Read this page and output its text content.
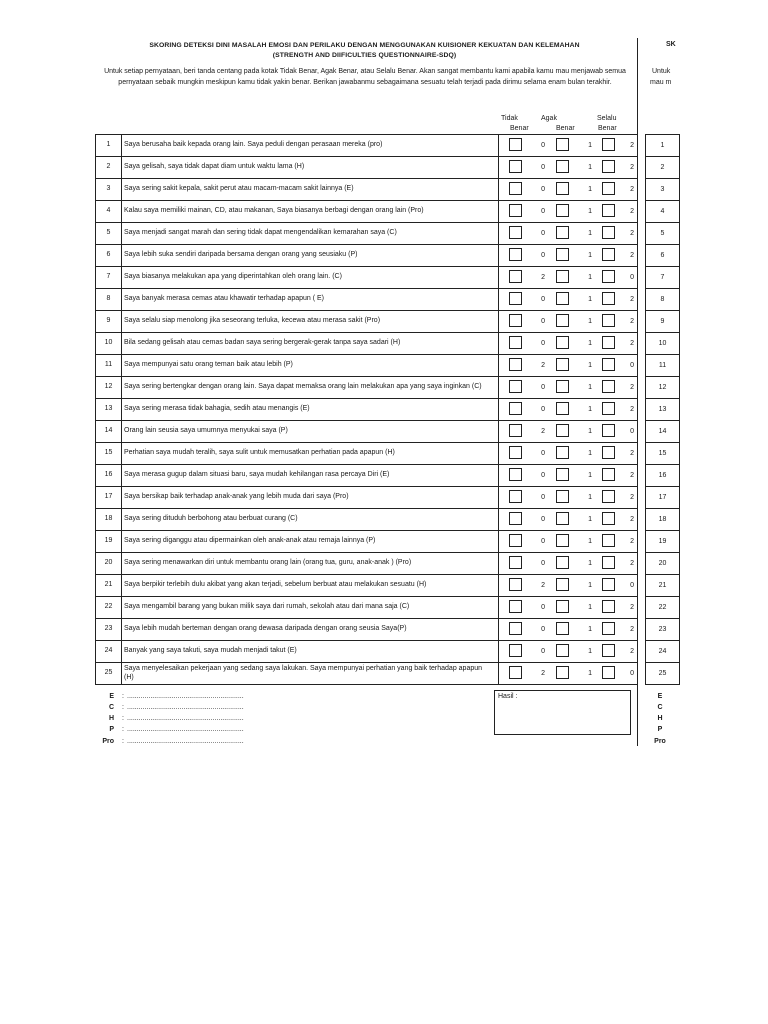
SKORING DETEKSI DINI MASALAH EMOSI DAN PERILAKU DENGAN MENGGUNAKAN KUISIONER KEKUATAN DAN KELEMAHAN
(STRENGTH AND DIIFICULTIES QUESTIONNAIRE-SDQ)
Untuk setiap pernyataan, beri tanda centang pada kotak Tidak Benar, Agak Benar, atau Selalu Benar. Akan sangat membantu kami apabila kamu mau menjawab semua pernyataan sebaik mungkin meskipun kamu tidak yakin benar. Berikan jawabanmu sebagaimana sesuatu telah terjadi pada dirimu selama enam bulan terakhir.
Tidak
Benar
Agak
Benar
Selalu
Benar
1	Saya berusaha baik kepada orang lain. Saya peduli dengan perasaan mereka (pro)	0 1 2

2	Saya gelisah, saya tidak dapat diam untuk waktu lama (H)	0 1 2

3	Saya sering sakit kepala, sakit perut atau macam-macam sakit lainnya (E)	0 1 2

4	Kalau saya memiliki mainan, CD, atau makanan, Saya biasanya berbagi dengan orang lain (Pro)	0 1 2

5	Saya menjadi sangat marah dan sering tidak dapat mengendalikan kemarahan saya (C)	0 1 2

6	Saya lebih suka sendiri daripada bersama dengan orang yang seusiaku (P)	0 1 2

7	Saya biasanya melakukan apa yang diperintahkan oleh orang lain. (C)	2 1 0

8	Saya banyak merasa cemas atau khawatir terhadap apapun ( E)	0 1 2

9	Saya selalu siap menolong jika seseorang terluka, kecewa atau merasa sakit (Pro)	0 1 2

10	Bila sedang gelisah atau cemas badan saya sering bergerak-gerak tanpa saya sadari (H)	0 1 2

11	Saya mempunyai satu orang teman baik atau lebih (P)	2 1 0

12	Saya sering bertengkar dengan orang lain. Saya dapat memaksa orang lain melakukan apa yang saya inginkan (C)	0 1 2

13	Saya sering merasa tidak bahagia, sedih atau menangis (E)	0 1 2

14	Orang lain seusia saya umumnya menyukai saya (P)	2 1 0

15	Perhatian saya mudah teralih, saya sulit untuk memusatkan perhatian pada apapun (H)	0 1 2

16	Saya merasa gugup dalam situasi baru, saya mudah kehilangan rasa percaya Diri (E)	0 1 2

17	Saya bersikap baik terhadap anak-anak yang lebih muda dari saya (Pro)	0 1 2

18	Saya sering dituduh berbohong atau berbuat curang (C)	0 1 2

19	Saya sering diganggu atau dipermainkan oleh anak-anak atau remaja lainnya (P)	0 1 2

20	Saya sering menawarkan diri untuk membantu orang lain (orang tua, guru, anak-anak ) (Pro)	0 1 2

21	Saya berpikir terlebih dulu akibat yang akan terjadi, sebelum berbuat atau melakukan sesuatu (H)	2 1 0

22	Saya mengambil barang yang bukan milik saya dari rumah, sekolah atau dari mana saja (C)	0 1 2

23	Saya lebih mudah berteman dengan orang dewasa daripada dengan orang seusia Saya(P)	0 1 2

24	Banyak yang saya takuti, saya mudah menjadi takut (E)	0 1 2

25	Saya menyelesaikan pekerjaan yang sedang saya lakukan. Saya mempunyai perhatian yang baik terhadap apapun (H)	2 1 0
E : ............................................................
C : ............................................................
H : ............................................................
P : ............................................................
Pro : ............................................................
Hasil :
SK
Untuk
mau m
1
2
3
4
5
6
7
8
9
10
11
12
13
14
15
16
17
18
19
20
21
22
23
24
25
E
C
H
P
Pro
